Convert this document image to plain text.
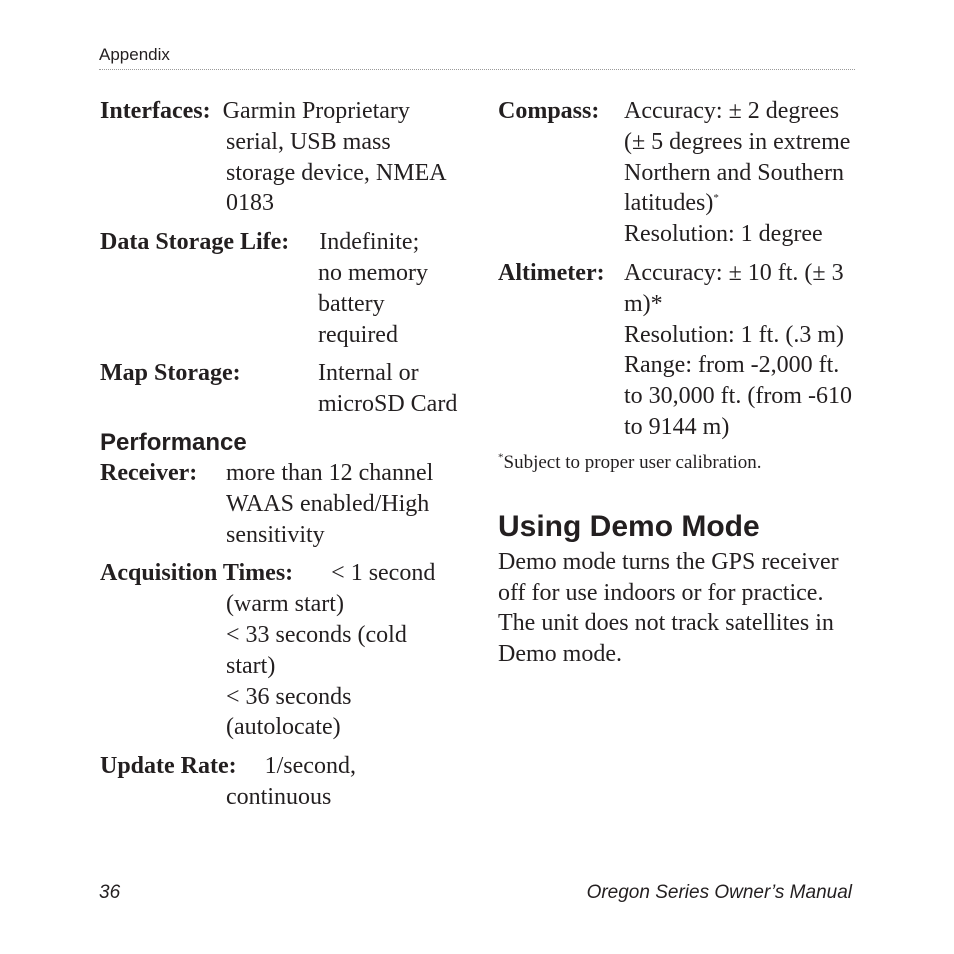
Appendix
Interfaces: Garmin Proprietary
serial, USB mass
storage device, NMEA
0183
Data Storage Life: Indefinite;
no memory
battery
required
Map Storage:	Internal or
microSD Card
Performance
Receiver: more than 12 channel
WAAS enabled/High
sensitivity
Acquisition Times: < 1 second
(warm start)
< 33 seconds (cold
start)
< 36 seconds
(autolocate)
Update Rate: 1/second,
continuous
Compass: Accuracy: ± 2 degrees
(± 5 degrees in extreme
Northern and Southern
latitudes)*
Resolution: 1 degree
Altimeter: Accuracy: ± 10 ft. (± 3
m)*
Resolution: 1 ft. (.3 m)
Range: from -2,000 ft.
to 30,000 ft. (from -610
to 9144 m)
*Subject to proper user calibration.
Using Demo Mode
Demo mode turns the GPS receiver
off for use indoors or for practice.
The unit does not track satellites in
Demo mode.
36	Oregon Series Owner’s Manual
